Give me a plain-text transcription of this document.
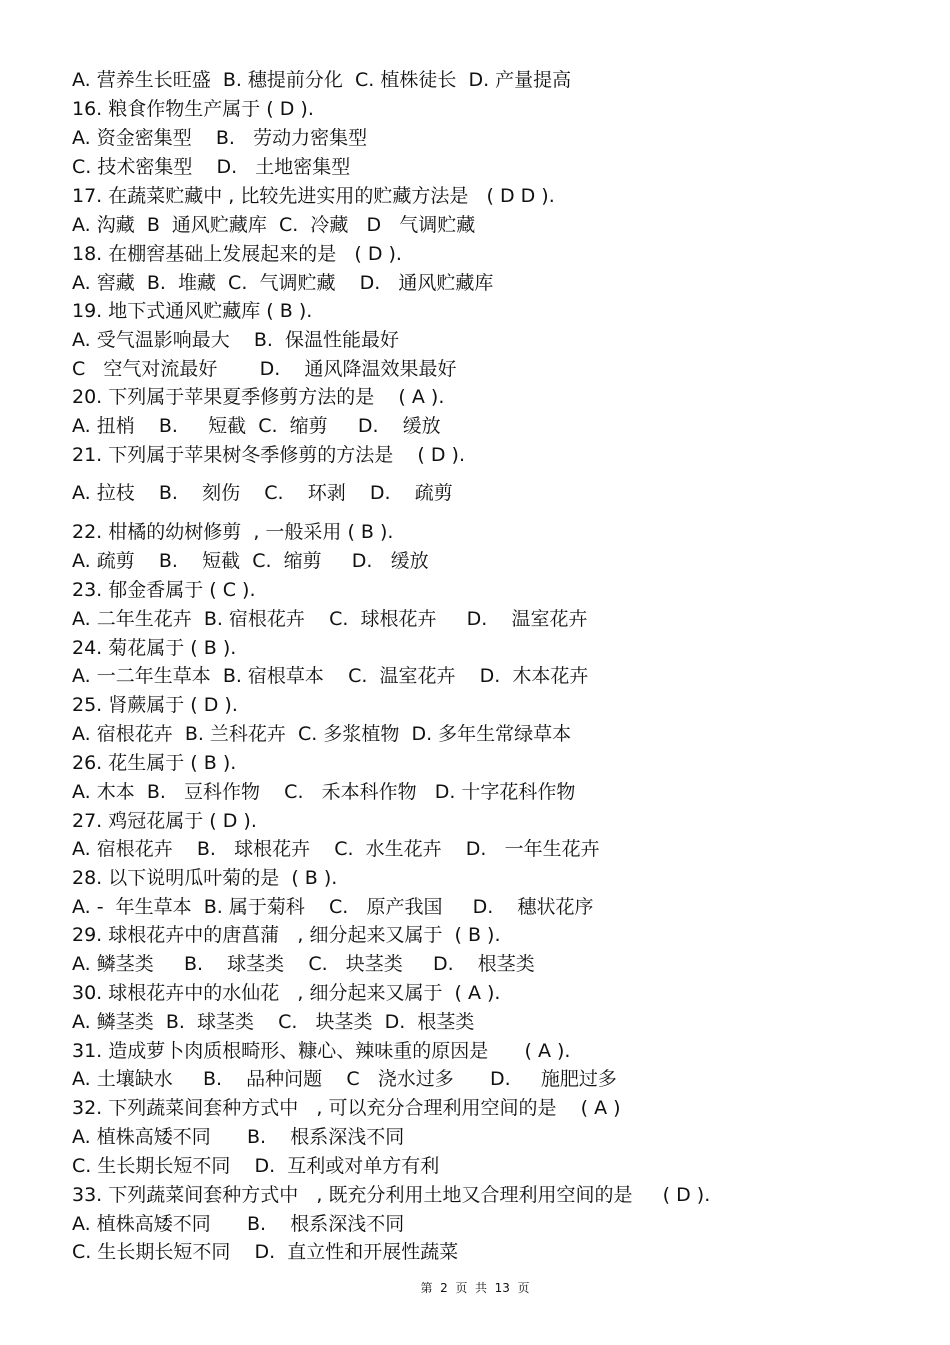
A. 营养生长旺盛  B. 穗提前分化  C. 植株徒长  D. 产量提高
16. 粮食作物生产属于 ( D ).
A. 资金密集型    B.   劳动力密集型
C. 技术密集型    D.   土地密集型
17. 在蔬菜贮藏中 , 比较先进实用的贮藏方法是   ( D D ).
A. 沟藏  B  通风贮藏库  C.  冷藏   D   气调贮藏
18. 在棚窖基础上发展起来的是   ( D ).
A. 窖藏  B.  堆藏  C.  气调贮藏    D.   通风贮藏库
19. 地下式通风贮藏库 ( B ).
A. 受气温影响最大    B.  保温性能最好
C   空气对流最好       D.    通风降温效果最好
20. 下列属于苹果夏季修剪方法的是    ( A ).
A. 扭梢    B.     短截  C.  缩剪     D.    缓放
21. 下列属于苹果树冬季修剪的方法是    ( D ).
A. 拉枝    B.    刻伤    C.    环剥    D.    疏剪
22. 柑橘的幼树修剪  , 一般采用 ( B ).
A. 疏剪    B.    短截  C.  缩剪     D.   缓放
23. 郁金香属于 ( C ).
A. 二年生花卉  B. 宿根花卉    C.  球根花卉     D.    温室花卉
24. 菊花属于 ( B ).
A. 一二年生草本  B. 宿根草本    C.  温室花卉    D.  木本花卉
25. 肾蕨属于 ( D ).
A. 宿根花卉  B. 兰科花卉  C. 多浆植物  D. 多年生常绿草本
26. 花生属于 ( B ).
A. 木本  B.   豆科作物    C.   禾本科作物   D. 十字花科作物
27. 鸡冠花属于 ( D ).
A. 宿根花卉    B.   球根花卉    C.  水生花卉    D.   一年生花卉
28. 以下说明瓜叶菊的是  ( B ).
A. -  年生草本  B. 属于菊科    C.   原产我国     D.    穗状花序
29. 球根花卉中的唐菖蒲   , 细分起来又属于  ( B ).
A. 鳞茎类     B.    球茎类    C.   块茎类     D.    根茎类
30. 球根花卉中的水仙花   , 细分起来又属于  ( A ).
A. 鳞茎类  B.  球茎类    C.   块茎类  D.  根茎类
31. 造成萝卜肉质根畸形、糠心、辣味重的原因是      ( A ).
A. 土壤缺水     B.    品种问题    C   浇水过多      D.     施肥过多
32. 下列蔬菜间套种方式中   , 可以充分合理利用空间的是    ( A )
A. 植株高矮不同      B.    根系深浅不同
C. 生长期长短不同    D.  互利或对单方有利
33. 下列蔬菜间套种方式中   , 既充分利用土地又合理利用空间的是     ( D ).
A. 植株高矮不同      B.    根系深浅不同
C. 生长期长短不同    D.  直立性和开展性蔬菜
第  2  页  共  13  页
